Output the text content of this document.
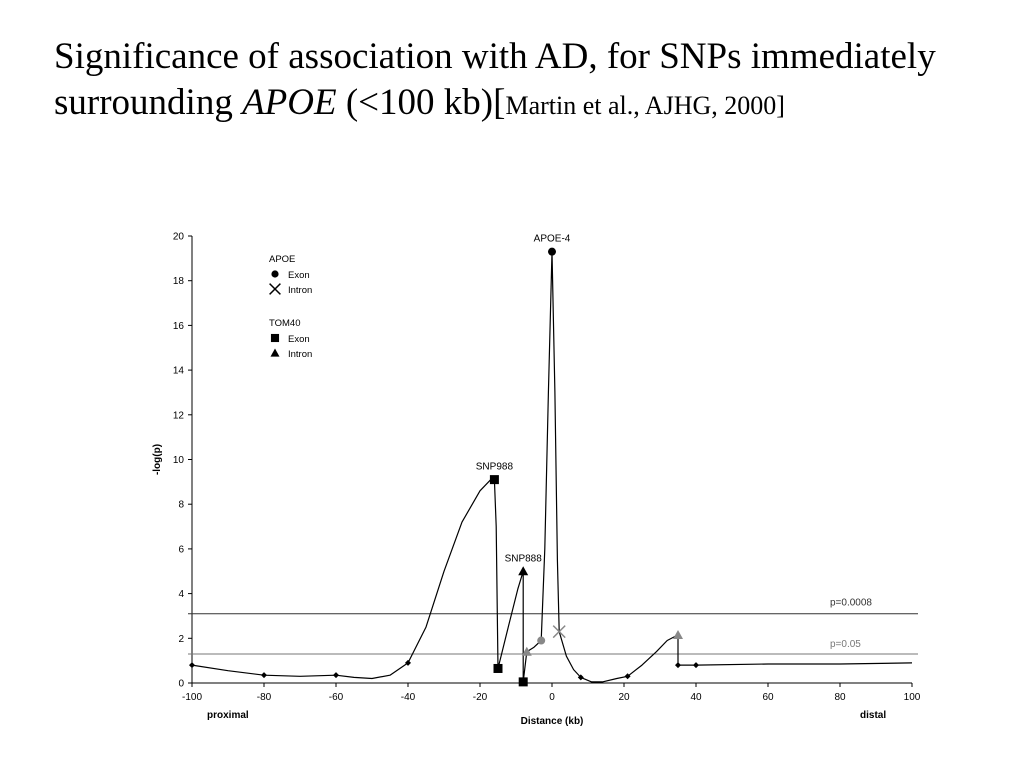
Significance of association with AD, for SNPs immediately surrounding APOE (<100 kb)[Martin et al., AJHG, 2000]
0
2
4
6
8
10
12
14
16
18
20
-100	-80	-60	-40	-20	0	20	40	60	80	100
Distance (kb)
-log(p)
proximal	distal
p=0.0008
p=0.05
SNP988
SNP888
APOE-4
APOE
Exon
Intron
TOM40
Exon
Intron
